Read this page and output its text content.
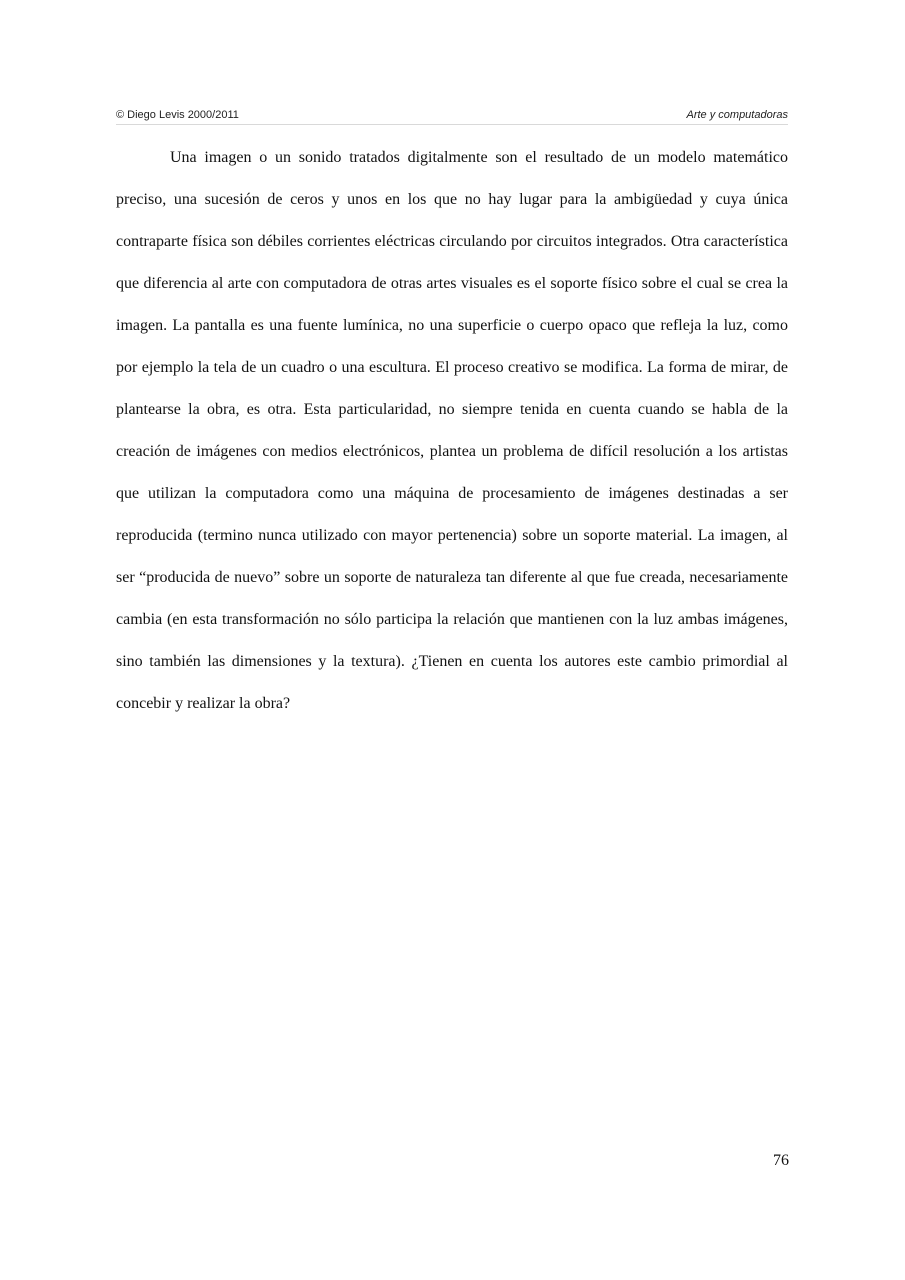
© Diego Levis 2000/2011	Arte y computadoras

Una imagen o un sonido tratados digitalmente son el resultado de un modelo matemático preciso, una sucesión de ceros y unos en los que no hay lugar para la ambigüedad y cuya única contraparte física son débiles corrientes eléctricas circulando por circuitos integrados. Otra característica que diferencia al arte con computadora de otras artes visuales es el soporte físico sobre el cual se crea la imagen. La pantalla es una fuente lumínica, no una superficie o cuerpo opaco que refleja la luz, como por ejemplo la tela de un cuadro o una escultura. El proceso creativo se modifica. La forma de mirar, de plantearse la obra, es otra. Esta particularidad, no siempre tenida en cuenta cuando se habla de la creación de imágenes con medios electrónicos, plantea un problema de difícil resolución a los artistas que utilizan la computadora como una máquina de procesamiento de imágenes destinadas a ser reproducida (termino nunca utilizado con mayor pertenencia) sobre un soporte material. La imagen, al ser “producida de nuevo” sobre un soporte de naturaleza tan diferente al que fue creada, necesariamente cambia (en esta transformación no sólo participa la relación que mantienen con la luz ambas imágenes, sino también las dimensiones y la textura). ¿Tienen en cuenta los autores este cambio primordial al concebir y realizar la obra?

76
